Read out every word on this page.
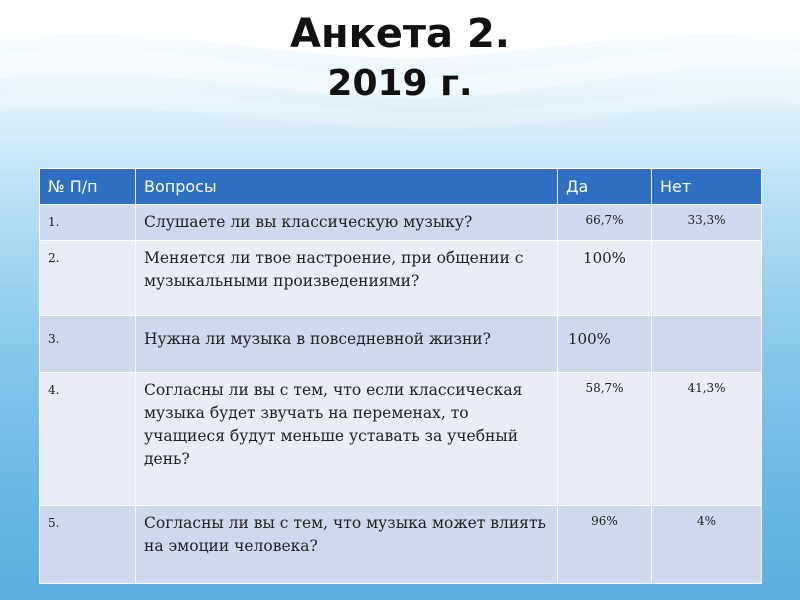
Анкета 2.
2019 г.
№ П/п	Вопросы	Да	Нет
1.	Слушаете ли вы классическую музыку?	66,7%	33,3%
2.	Меняется ли твое настроение, при общении с музыкальными произведениями?	100%	
3.	Нужна ли музыка в повседневной жизни?	100%	
4.	Согласны ли вы с тем, что если классическая музыка будет звучать на переменах, то учащиеся будут меньше уставать за учебный день?	58,7%	41,3%
5.	Согласны ли вы с тем, что музыка может влиять на эмоции человека?	96%	4%
